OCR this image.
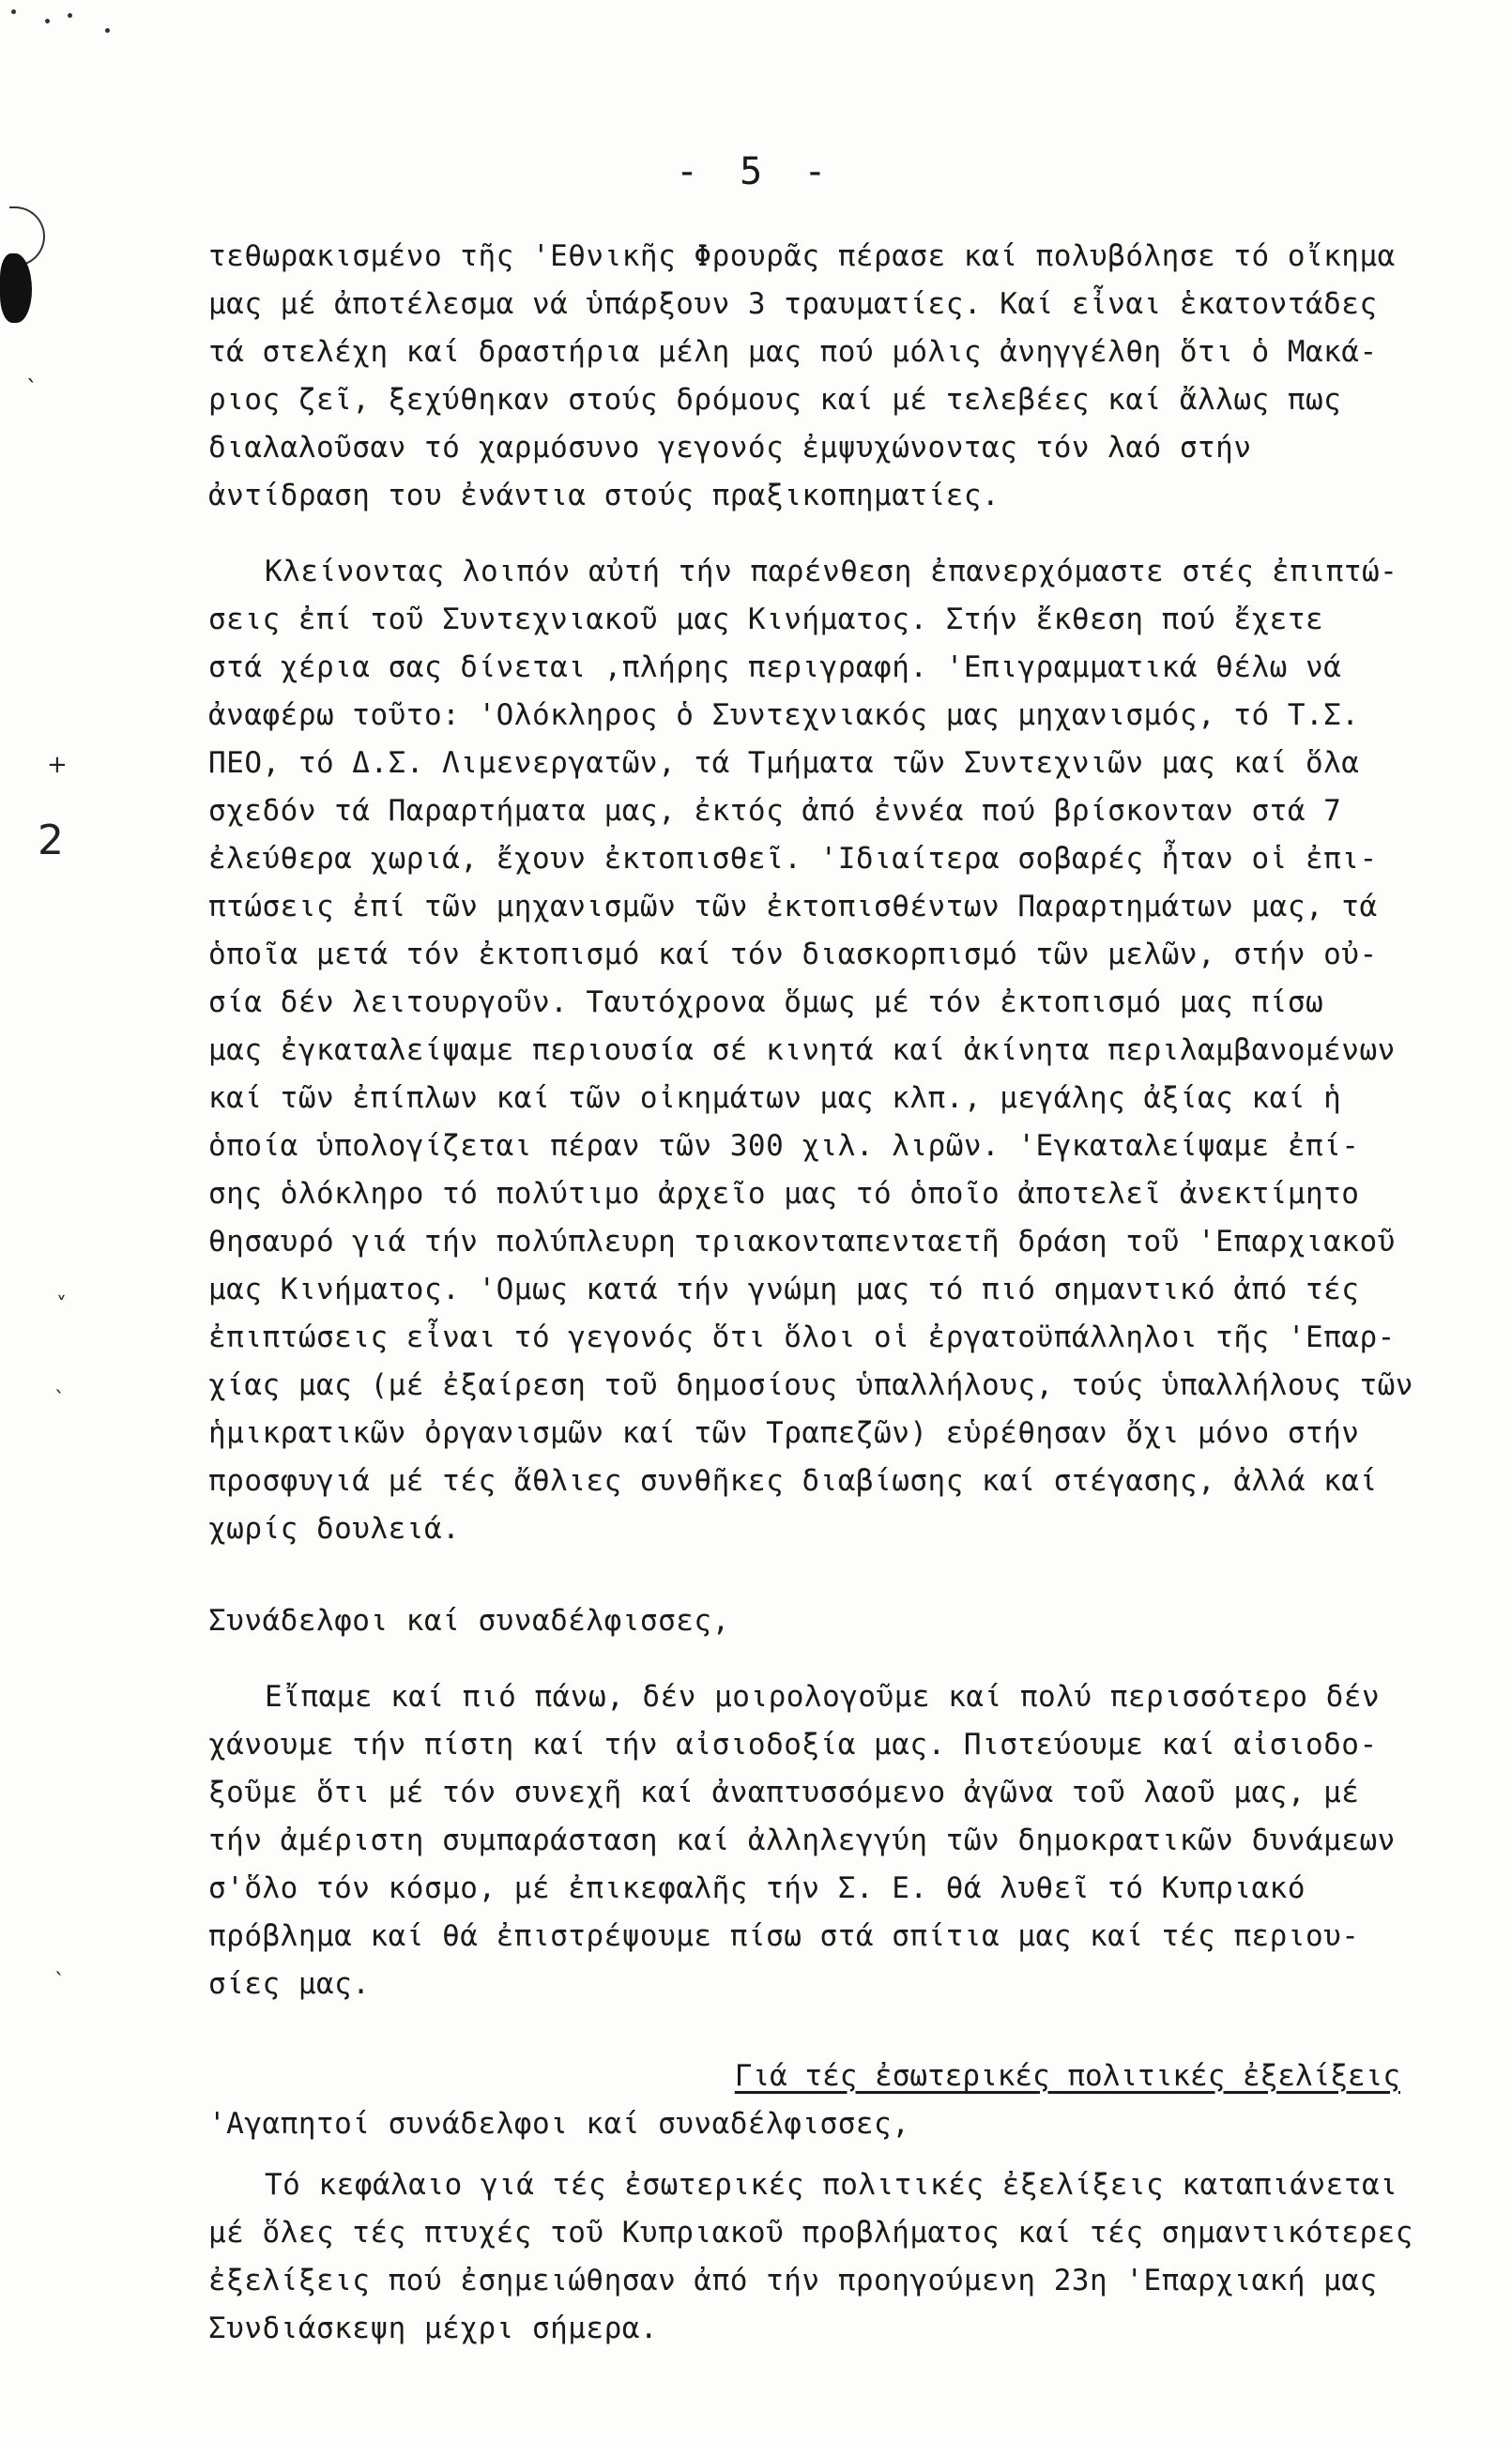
ˎ
+
2
ˬ
ˎ
ˎ
- 5 -
τεθωρακισμένο τῆς 'Εθνικῆς Φρουρᾶς πέρασε καί πολυβόλησε τό οἴκημα
μας μέ ἀποτέλεσμα νά ὑπάρξουν 3 τραυματίες. Καί εἶναι ἑκατοντάδες
τά στελέχη καί δραστήρια μέλη μας πού μόλις ἀνηγγέλθη ὅτι ὁ Μακά-
ριος ζεῖ, ξεχύθηκαν στούς δρόμους καί μέ τελεβέες καί ἄλλως πως
διαλαλοῦσαν τό χαρμόσυνο γεγονός ἐμψυχώνοντας τόν λαό στήν
ἀντίδραση του ἐνάντια στούς πραξικοπηματίες.
Κλείνοντας λοιπόν αὐτή τήν παρένθεση ἐπανερχόμαστε στές ἐπιπτώ-
σεις ἐπί τοῦ Συντεχνιακοῦ μας Κινήματος. Στήν ἔκθεση πού ἔχετε
στά χέρια σας δίνεται ,πλήρης περιγραφή. 'Επιγραμματικά θέλω νά
ἀναφέρω τοῦτο: 'Ολόκληρος ὁ Συντεχνιακός μας μηχανισμός, τό Τ.Σ.
ΠΕΟ, τό Δ.Σ. Λιμενεργατῶν, τά Τμήματα τῶν Συντεχνιῶν μας καί ὅλα
σχεδόν τά Παραρτήματα μας, ἐκτός ἀπό ἐννέα πού βρίσκονταν στά 7
ἐλεύθερα χωριά, ἔχουν ἐκτοπισθεῖ. 'Ιδιαίτερα σοβαρές ἦταν οἱ ἐπι-
πτώσεις ἐπί τῶν μηχανισμῶν τῶν ἐκτοπισθέντων Παραρτημάτων μας, τά
ὁποῖα μετά τόν ἐκτοπισμό καί τόν διασκορπισμό τῶν μελῶν, στήν οὐ-
σία δέν λειτουργοῦν. Ταυτόχρονα ὅμως μέ τόν ἐκτοπισμό μας πίσω
μας ἐγκαταλείψαμε περιουσία σέ κινητά καί ἀκίνητα περιλαμβανομένων
καί τῶν ἐπίπλων καί τῶν οἰκημάτων μας κλπ., μεγάλης ἀξίας καί ἡ
ὁποία ὑπολογίζεται πέραν τῶν 300 χιλ. λιρῶν. 'Εγκαταλείψαμε ἐπί-
σης ὁλόκληρο τό πολύτιμο ἀρχεῖο μας τό ὁποῖο ἀποτελεῖ ἀνεκτίμητο
θησαυρό γιά τήν πολύπλευρη τριακονταπενταετῆ δράση τοῦ 'Επαρχιακοῦ
μας Κινήματος. 'Ομως κατά τήν γνώμη μας τό πιό σημαντικό ἀπό τές
ἐπιπτώσεις εἶναι τό γεγονός ὅτι ὅλοι οἱ ἐργατοϋπάλληλοι τῆς 'Επαρ-
χίας μας (μέ ἐξαίρεση τοῦ δημοσίους ὑπαλλήλους, τούς ὑπαλλήλους τῶν
ἡμικρατικῶν ὀργανισμῶν καί τῶν Τραπεζῶν) εὑρέθησαν ὄχι μόνο στήν
προσφυγιά μέ τές ἄθλιες συνθῆκες διαβίωσης καί στέγασης, ἀλλά καί
χωρίς δουλειά.
Συνάδελφοι καί συναδέλφισσες,
Εἴπαμε καί πιό πάνω, δέν μοιρολογοῦμε καί πολύ περισσότερο δέν
χάνουμε τήν πίστη καί τήν αἰσιοδοξία μας. Πιστεύουμε καί αἰσιοδο-
ξοῦμε ὅτι μέ τόν συνεχῆ καί ἀναπτυσσόμενο ἀγῶνα τοῦ λαοῦ μας, μέ
τήν ἀμέριστη συμπαράσταση καί ἀλληλεγγύη τῶν δημοκρατικῶν δυνάμεων
σ'ὅλο τόν κόσμο, μέ ἐπικεφαλῆς τήν Σ. Ε. θά λυθεῖ τό Κυπριακό
πρόβλημα καί θά ἐπιστρέψουμε πίσω στά σπίτια μας καί τές περιου-
σίες μας.
Γιά τές ἐσωτερικές πολιτικές ἐξελίξεις
'Αγαπητοί συνάδελφοι καί συναδέλφισσες,
Τό κεφάλαιο γιά τές ἐσωτερικές πολιτικές ἐξελίξεις καταπιάνεται
μέ ὅλες τές πτυχές τοῦ Κυπριακοῦ προβλήματος καί τές σημαντικότερες
ἐξελίξεις πού ἐσημειώθησαν ἀπό τήν προηγούμενη 23η 'Επαρχιακή μας
Συνδιάσκεψη μέχρι σήμερα.
